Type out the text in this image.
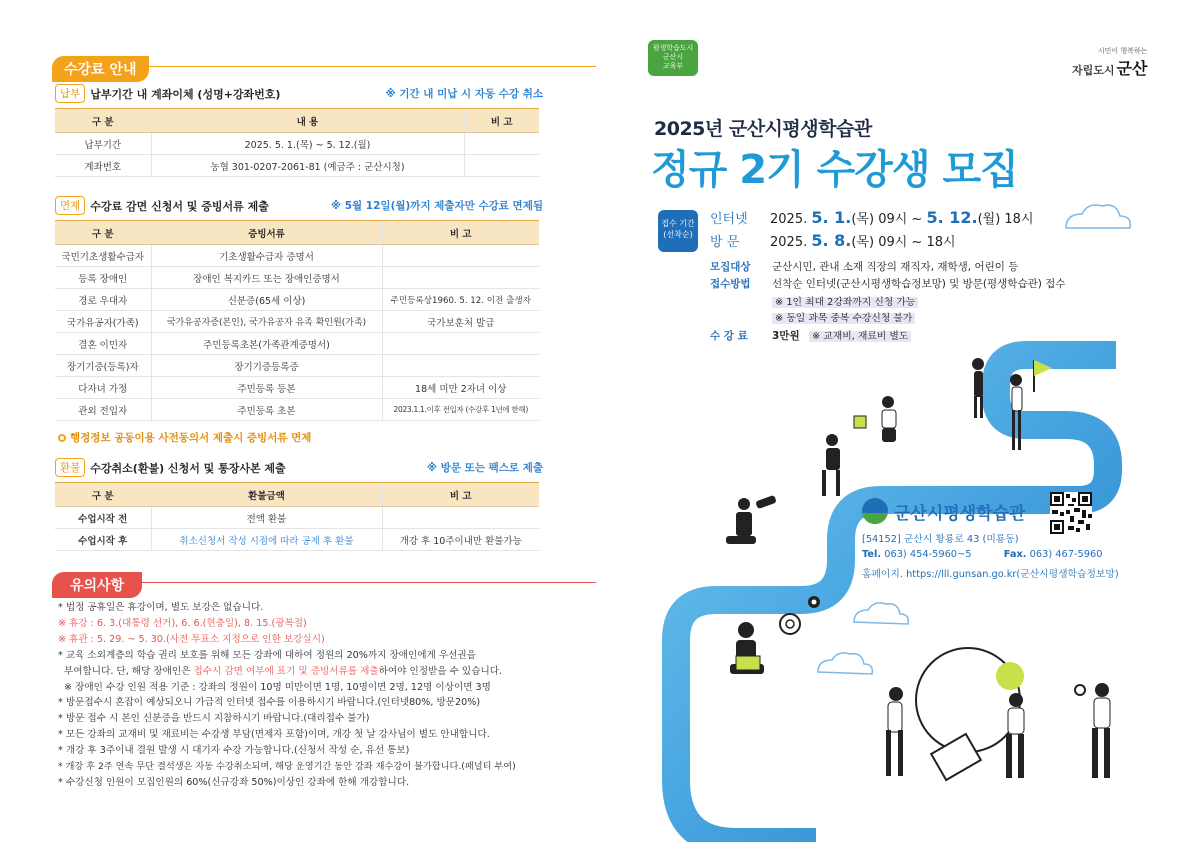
수강료 안내
납부 납부기간 내 계좌이체 (성명+강좌번호)	※ 기간 내 미납 시 자동 수강 취소
구 분	내 용	비 고
납부기간	2025. 5. 1.(목) ~ 5. 12.(월)	
계좌번호	농협 301-0207-2061-81 (예금주 : 군산시청)	
면제 수강료 감면 신청서 및 증빙서류 제출	※ 5월 12일(월)까지 제출자만 수강료 면제됨
구 분	증빙서류	비 고
국민기초생활수급자	기초생활수급자 증명서	
등록 장애인	장애인 복지카드 또는 장애인증명서	
경로 우대자	신분증(65세 이상)	주민등록상1960. 5. 12. 이전 출생자
국가유공자(가족)	국가유공자증(본인), 국가유공자 유족 확인원(가족)	국가보훈처 발급
결혼 이민자	주민등록초본(가족관계증명서)	
장기기증(등록)자	장기기증등록증	
다자녀 가정	주민등록 등본	18세 미만 2자녀 이상
관외 전입자	주민등록 초본	2023.1.1.이후 전입자 (수강후 1년에 한해)
행정정보 공동이용 사전동의서 제출시 증빙서류 면제
환불 수강취소(환불) 신청서 및 통장사본 제출	※ 방문 또는 팩스로 제출
구 분	환불금액	비 고
수업시작 전	전액 환불	
수업시작 후	취소신청서 작성 시점에 따라 공제 후 환불	개강 후 10주이내만 환불가능
유의사항
* 법정 공휴일은 휴강이며, 별도 보강은 없습니다.
※ 휴강 : 6. 3.(대통령 선거), 6. 6.(현충일), 8. 15.(광복절)
※ 휴관 : 5. 29. ~ 5. 30.(사전 투표소 지정으로 인한 보강실시)
* 교육 소외계층의 학습 권리 보호를 위해 모든 강좌에 대하여 정원의 20%까지 장애인에게 우선권을
부여합니다. 단, 해당 장애인은 접수시 감면 여부에 표기 및 증빙서류를 제출하여야 인정받을 수 있습니다.
※ 장애인 수강 인원 적용 기준 : 강좌의 정원이 10명 미만이면 1명, 10명이면 2명, 12명 이상이면 3명
* 방문접수시 혼잡이 예상되오니 가급적 인터넷 접수를 이용하시기 바랍니다.(인터넷80%, 방문20%)
* 방문 접수 시 본인 신분증을 반드시 지참하시기 바랍니다.(대리접수 불가)
* 모든 강좌의 교재비 및 재료비는 수강생 부담(면제자 포함)이며, 개강 첫 날 강사님이 별도 안내합니다.
* 개강 후 3주이내 결원 발생 시 대기자 수강 가능합니다.(신청서 작성 순, 유선 통보)
* 개강 후 2주 연속 무단 결석생은 자동 수강취소되며, 해당 운영기간 동안 강좌 재수강이 불가합니다.(패널티 부여)
* 수강신청 인원이 모집인원의 60%(신규강좌 50%)이상인 강좌에 한해 개강합니다.
평생학습도시
군산시
교육부
시민이 행복하는
자립도시 군산
2025년 군산시평생학습관
정규 2기 수강생 모집
접수 기간
(선착순)
인터넷 2025. 5. 1.(목) 09시 ~ 5. 12.(월) 18시
방 문 2025. 5. 8.(목) 09시 ~ 18시
모집대상 군산시민, 관내 소재 직장의 재직자, 재학생, 어린이 등
접수방법 선착순 인터넷(군산시평생학습정보망) 및 방문(평생학습관) 접수
※ 1인 최대 2강좌까지 신청 가능
※ 동일 과목 중복 수강신청 불가
수 강 료 3만원 ※ 교재비, 재료비 별도
군산시평생학습관
[54152] 군산시 황룡로 43 (미룡동)
Tel. 063) 454-5960~5	Fax. 063) 467-5960
홈페이지. https://lll.gunsan.go.kr(군산시평생학습정보망)
